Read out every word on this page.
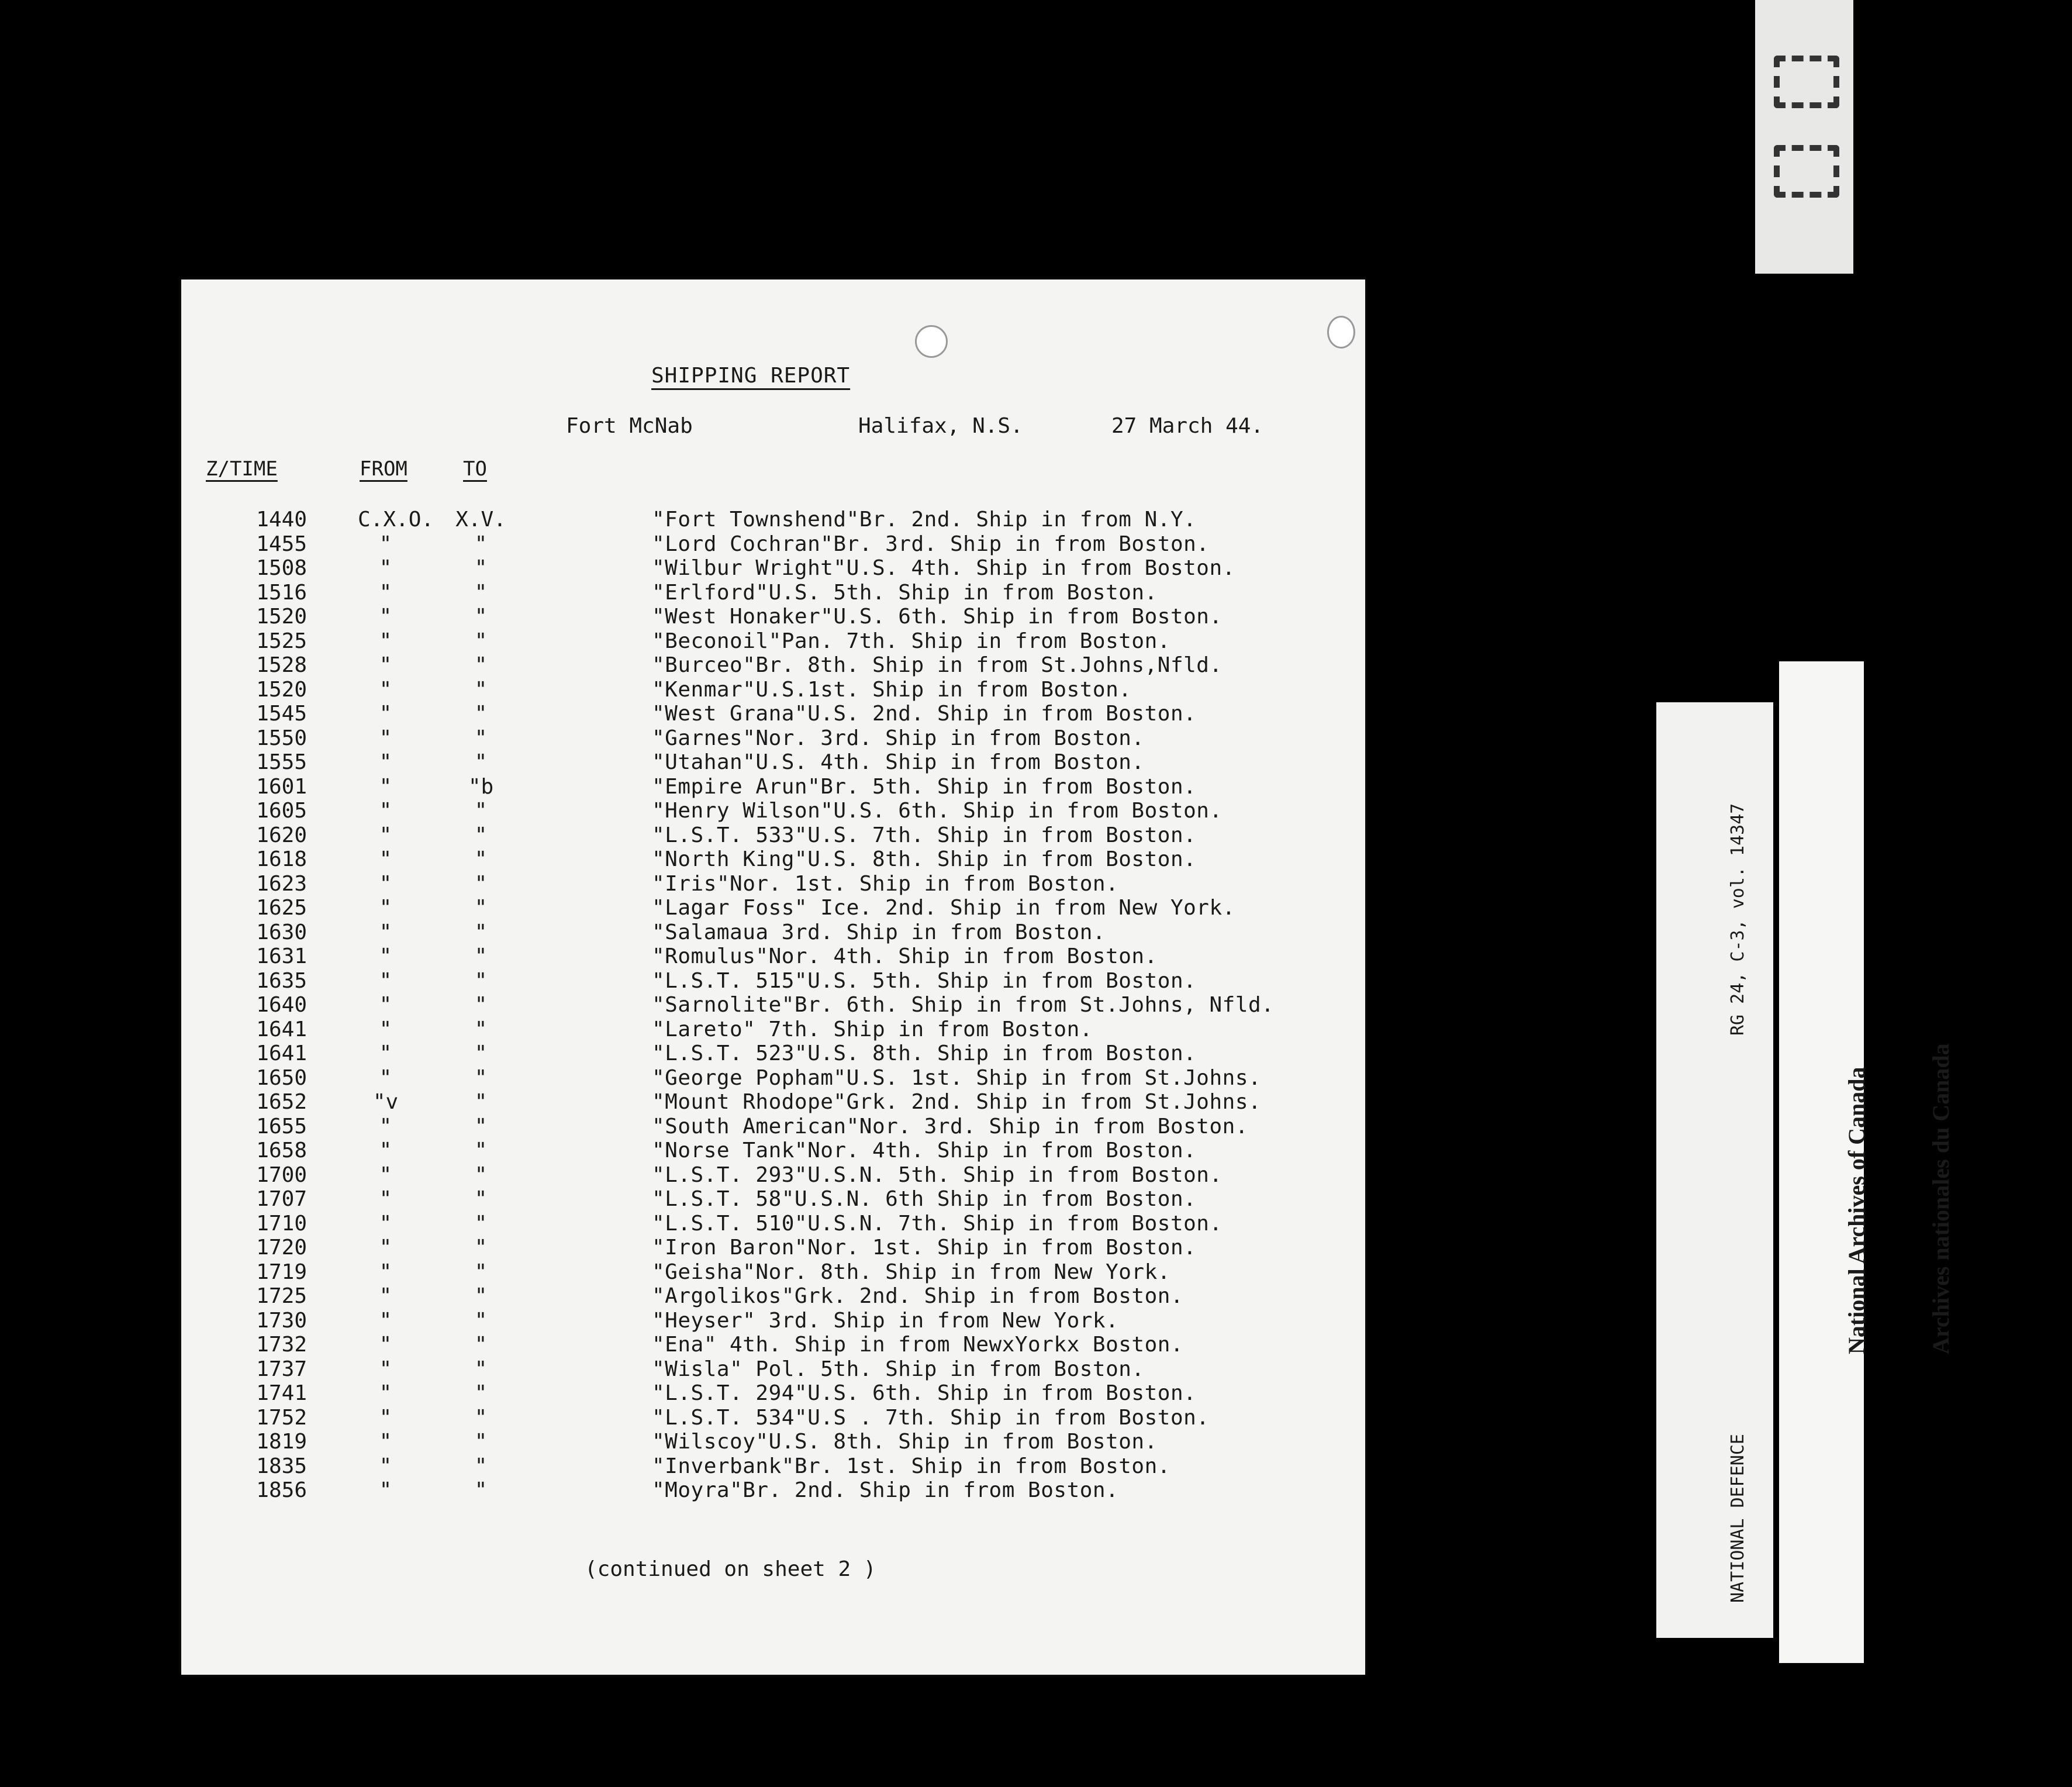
SHIPPING REPORT
Fort McNab	Halifax, N.S.	27 March 44.
Z/TIME	FROM	TO
1440 C.X.O. X.V.	"Fort Townshend"Br. 2nd. Ship in from N.Y.
1455	"	"	"Lord Cochran"Br. 3rd. Ship in from Boston.
1508	"	"	"Wilbur Wright"U.S. 4th. Ship in from Boston.
1516	"	"	"Erlford"U.S. 5th. Ship in from Boston.
1520	"	"	"West Honaker"U.S. 6th. Ship in from Boston.
1525	"	"	"Beconoil"Pan. 7th. Ship in from Boston.
1528	"	"	"Burceo"Br. 8th. Ship in from St.Johns,Nfld.
1520	"	"	"Kenmar"U.S.1st. Ship in from Boston.
1545	"	"	"West Grana"U.S. 2nd. Ship in from Boston.
1550	"	"	"Garnes"Nor. 3rd. Ship in from Boston.
1555	"	"	"Utahan"U.S. 4th. Ship in from Boston.
1601	"	"b	"Empire Arun"Br. 5th. Ship in from Boston.
1605	"	"	"Henry Wilson"U.S. 6th. Ship in from Boston.
1620	"	"	"L.S.T. 533"U.S. 7th. Ship in from Boston.
1618	"	"	"North King"U.S. 8th. Ship in from Boston.
1623	"	"	"Iris"Nor. 1st. Ship in from Boston.
1625	"	"	"Lagar Foss" Ice. 2nd. Ship in from New York.
1630	"	"	"Salamaua 3rd. Ship in from Boston.
1631	"	"	"Romulus"Nor. 4th. Ship in from Boston.
1635	"	"	"L.S.T. 515"U.S. 5th. Ship in from Boston.
1640	"	"	"Sarnolite"Br. 6th. Ship in from St.Johns, Nfld.
1641	"	"	"Lareto" 7th. Ship in from Boston.
1641	"	"	"L.S.T. 523"U.S. 8th. Ship in from Boston.
1650	"	"	"George Popham"U.S. 1st. Ship in from St.Johns.
1652	"v	"	"Mount Rhodope"Grk. 2nd. Ship in from St.Johns.
1655	"	"	"South American"Nor. 3rd. Ship in from Boston.
1658	"	"	"Norse Tank"Nor. 4th. Ship in from Boston.
1700	"	"	"L.S.T. 293"U.S.N. 5th. Ship in from Boston.
1707	"	"	"L.S.T. 58"U.S.N. 6th Ship in from Boston.
1710	"	"	"L.S.T. 510"U.S.N. 7th. Ship in from Boston.
1720	"	"	"Iron Baron"Nor. 1st. Ship in from Boston.
1719	"	"	"Geisha"Nor. 8th. Ship in from New York.
1725	"	"	"Argolikos"Grk. 2nd. Ship in from Boston.
1730	"	"	"Heyser" 3rd. Ship in from New York.
1732	"	"	"Ena" 4th. Ship in from NewxYorkx Boston.
1737	"	"	"Wisla" Pol. 5th. Ship in from Boston.
1741	"	"	"L.S.T. 294"U.S. 6th. Ship in from Boston.
1752	"	"	"L.S.T. 534"U.S . 7th. Ship in from Boston.
1819	"	"	"Wilscoy"U.S. 8th. Ship in from Boston.
1835	"	"	"Inverbank"Br. 1st. Ship in from Boston.
1856	"	"	"Moyra"Br. 2nd. Ship in from Boston.
(continued on sheet 2 )

RG 24, C-3, vol. 14347

NATIONAL DEFENCE

National Archives of Canada

Archives nationales du Canada
